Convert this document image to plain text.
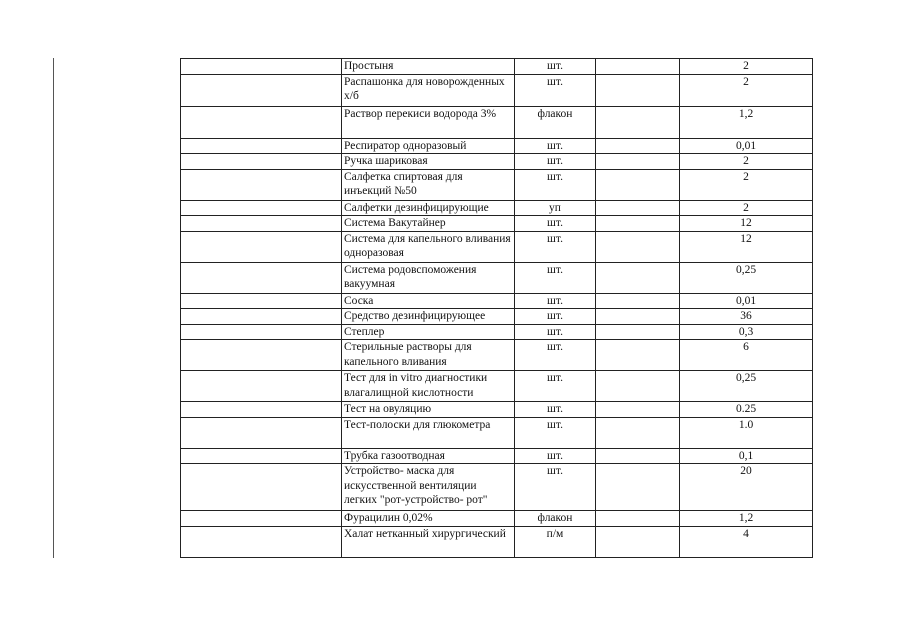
	Простыня	шт.		2
	Распашонка для новорожденных х/б	шт.		2
	Раствор перекиси водорода 3%	флакон		1,2
	Респиратор одноразовый	шт.		0,01
	Ручка шариковая	шт.		2
	Салфетка спиртовая для инъекций №50	шт.		2
	Салфетки дезинфицирующие	уп		2
	Система Вакутайнер	шт.		12
	Система для капельного вливания одноразовая	шт.		12
	Система родовспоможения вакуумная	шт.		0,25
	Соска	шт.		0,01
	Средство дезинфицирующее	шт.		36
	Степлер	шт.		0,3
	Стерильные растворы для капельного вливания	шт.		6
	Тест для in vitro диагностики влагалищной кислотности	шт.		0,25
	Тест на овуляцию	шт.		0.25
	Тест-полоски для глюкометра	шт.		1.0
	Трубка газоотводная	шт.		0,1
	Устройство- маска для искусственной вентиляции легких "рот-устройство- рот"	шт.		20
	Фурацилин 0,02%	флакон		1,2
	Халат нетканный хирургический	п/м		4
